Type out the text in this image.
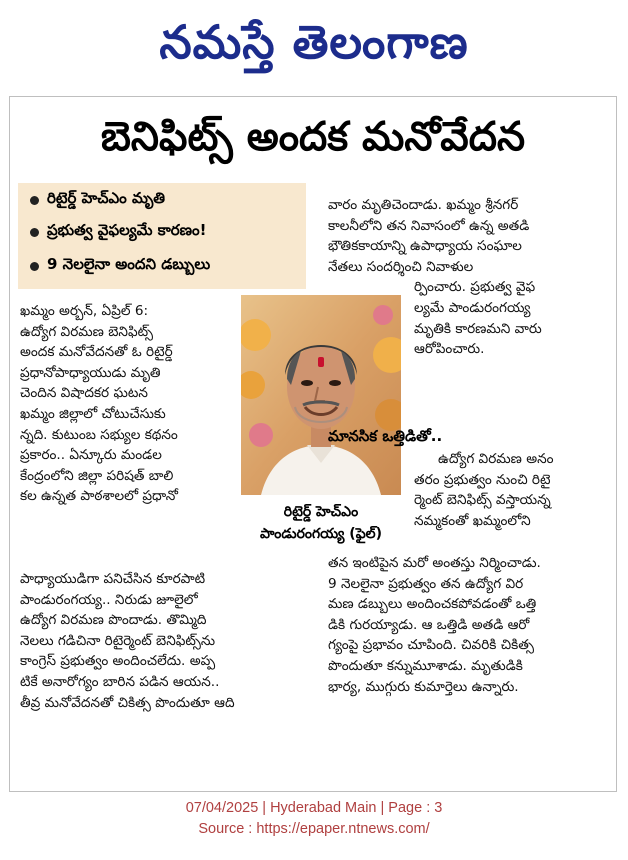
నమస్తే తెలంగాణ
బెనిఫిట్స్ అందక మనోవేదన
రిటైర్డ్ హెచ్ఎం మృతి
ప్రభుత్వ వైఫల్యమే కారణం!
9 నెలలైనా అందని డబ్బులు
ఖమ్మం అర్బన్, ఏప్రిల్ 6:
ఉద్యోగ విరమణ బెనిఫిట్స్
అందక మనోవేదనతో ఓ రిటైర్డ్
ప్రధానోపాధ్యాయుడు మృతి
చెందిన విషాదకర ఘటన
ఖమ్మం జిల్లాలో చోటుచేసుకు
న్నది. కుటుంబ సభ్యుల కథనం
ప్రకారం.. ఏన్కూరు మండల
కేంద్రంలోని జిల్లా పరిషత్ బాలి
కల ఉన్నత పాఠశాలలో ప్రధానో
రిటైర్డ్ హెచ్ఎం
పాండురంగయ్య (ఫైల్)
పాధ్యాయుడిగా పనిచేసిన కూరపాటి
పాండురంగయ్య.. నిరుడు జూలైలో
ఉద్యోగ విరమణ పొందాడు. తొమ్మిది
నెలలు గడిచినా రిటైర్మెంట్ బెనిఫిట్స్‌ను
కాంగ్రెస్ ప్రభుత్వం అందించలేదు. అప్ప
టికే అనారోగ్యం బారిన పడిన ఆయన..
తీవ్ర మనోవేదనతో చికిత్స పొందుతూ ఆది
వారం మృతిచెందాడు. ఖమ్మం శ్రీనగర్
కాలనీలోని తన నివాసంలో ఉన్న అతడి
భౌతికకాయాన్ని ఉపాధ్యాయ సంఘాల
నేతలు సందర్శించి నివాళుల
ర్పించారు. ప్రభుత్వ వైఫ
ల్యమే పాండురంగయ్య
మృతికి కారణమని వారు
ఆరోపించారు.
మానసిక ఒత్తిడితో..
ఉద్యోగ విరమణ అనం
తరం ప్రభుత్వం నుంచి రిటై
ర్మెంట్ బెనిఫిట్స్ వస్తాయన్న
నమ్మకంతో ఖమ్మంలోని
తన ఇంటిపైన మరో అంతస్తు నిర్మించాడు.
9 నెలలైనా ప్రభుత్వం తన ఉద్యోగ విర
మణ డబ్బులు అందించకపోవడంతో ఒత్తి
డికి గురయ్యాడు. ఆ ఒత్తిడి అతడి ఆరో
గ్యంపై ప్రభావం చూపింది. చివరికి చికిత్స
పొందుతూ కన్నుమూశాడు. మృతుడికి
భార్య, ముగ్గురు కుమార్తెలు ఉన్నారు.
07/04/2025 | Hyderabad Main | Page : 3
Source : https://epaper.ntnews.com/
